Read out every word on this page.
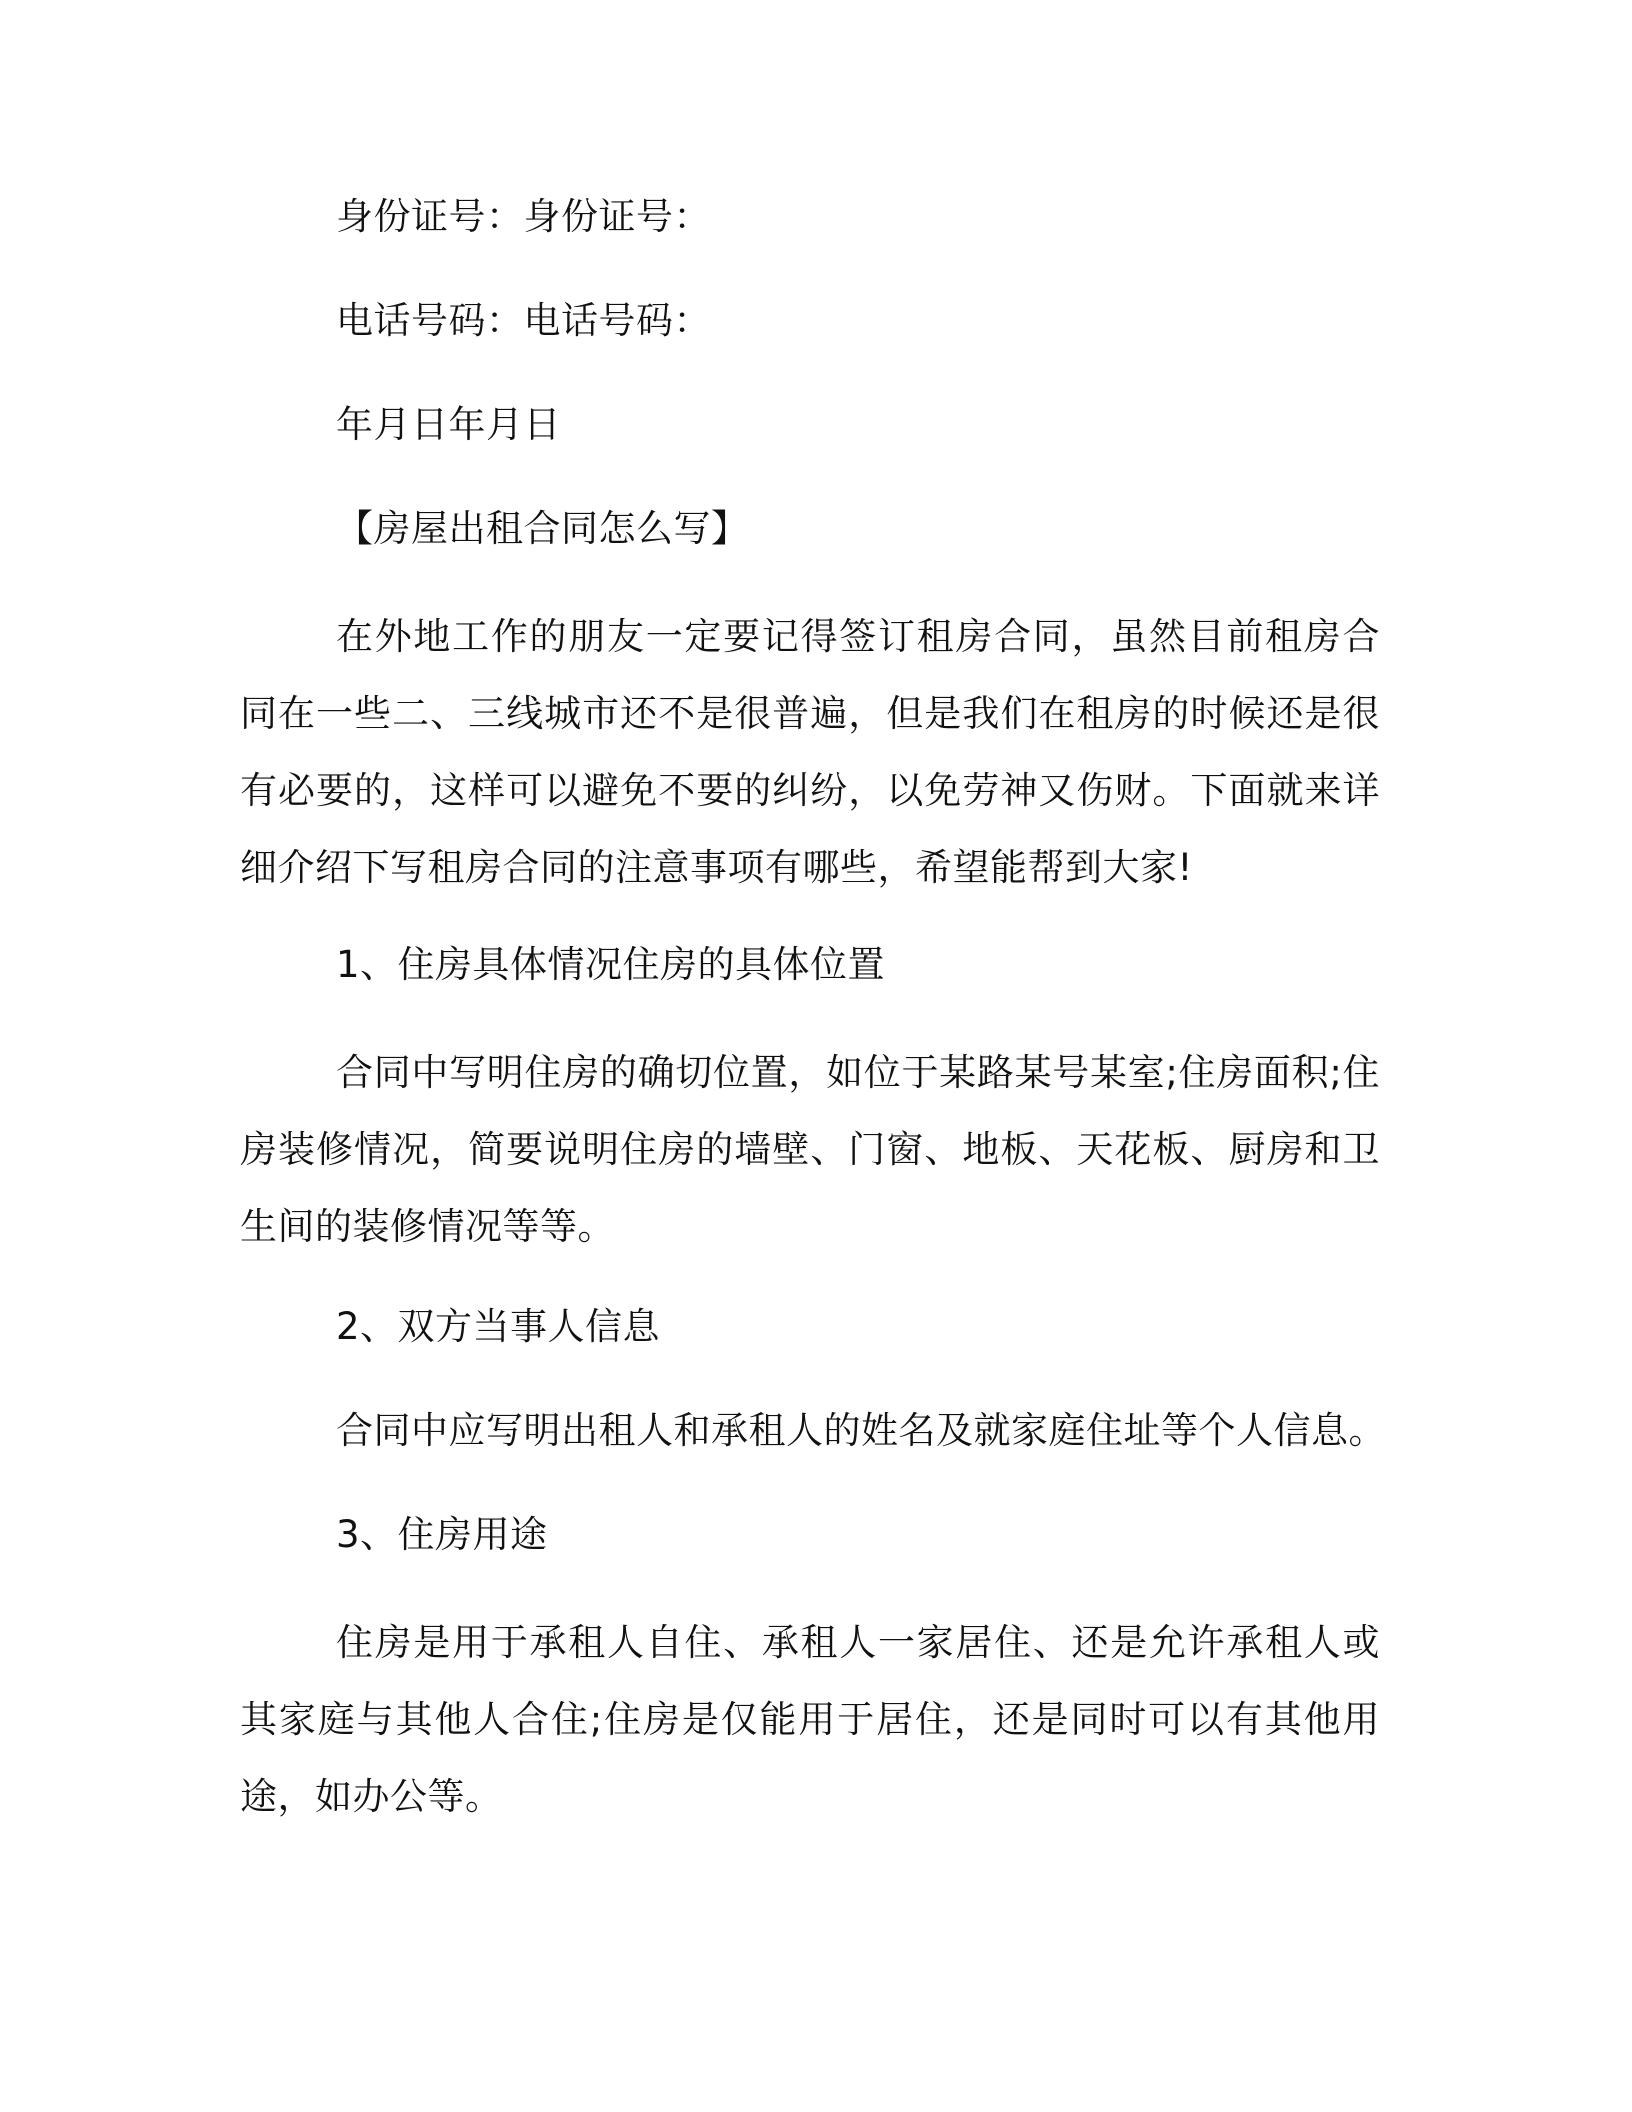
身份证号：身份证号：
电话号码：电话号码：
年月日年月日
【房屋出租合同怎么写】

在外地工作的朋友一定要记得签订租房合同，虽然目前租房合同在一些二、三线城市还不是很普遍，但是我们在租房的时候还是很有必要的，这样可以避免不要的纠纷，以免劳神又伤财。下面就来详细介绍下写租房合同的注意事项有哪些，希望能帮到大家!

1、住房具体情况住房的具体位置

合同中写明住房的确切位置，如位于某路某号某室;住房面积;住房装修情况，简要说明住房的墙壁、门窗、地板、天花板、厨房和卫生间的装修情况等等。

2、双方当事人信息
合同中应写明出租人和承租人的姓名及就家庭住址等个人信息。
3、住房用途

住房是用于承租人自住、承租人一家居住、还是允许承租人或其家庭与其他人合住;住房是仅能用于居住，还是同时可以有其他用途，如办公等。
